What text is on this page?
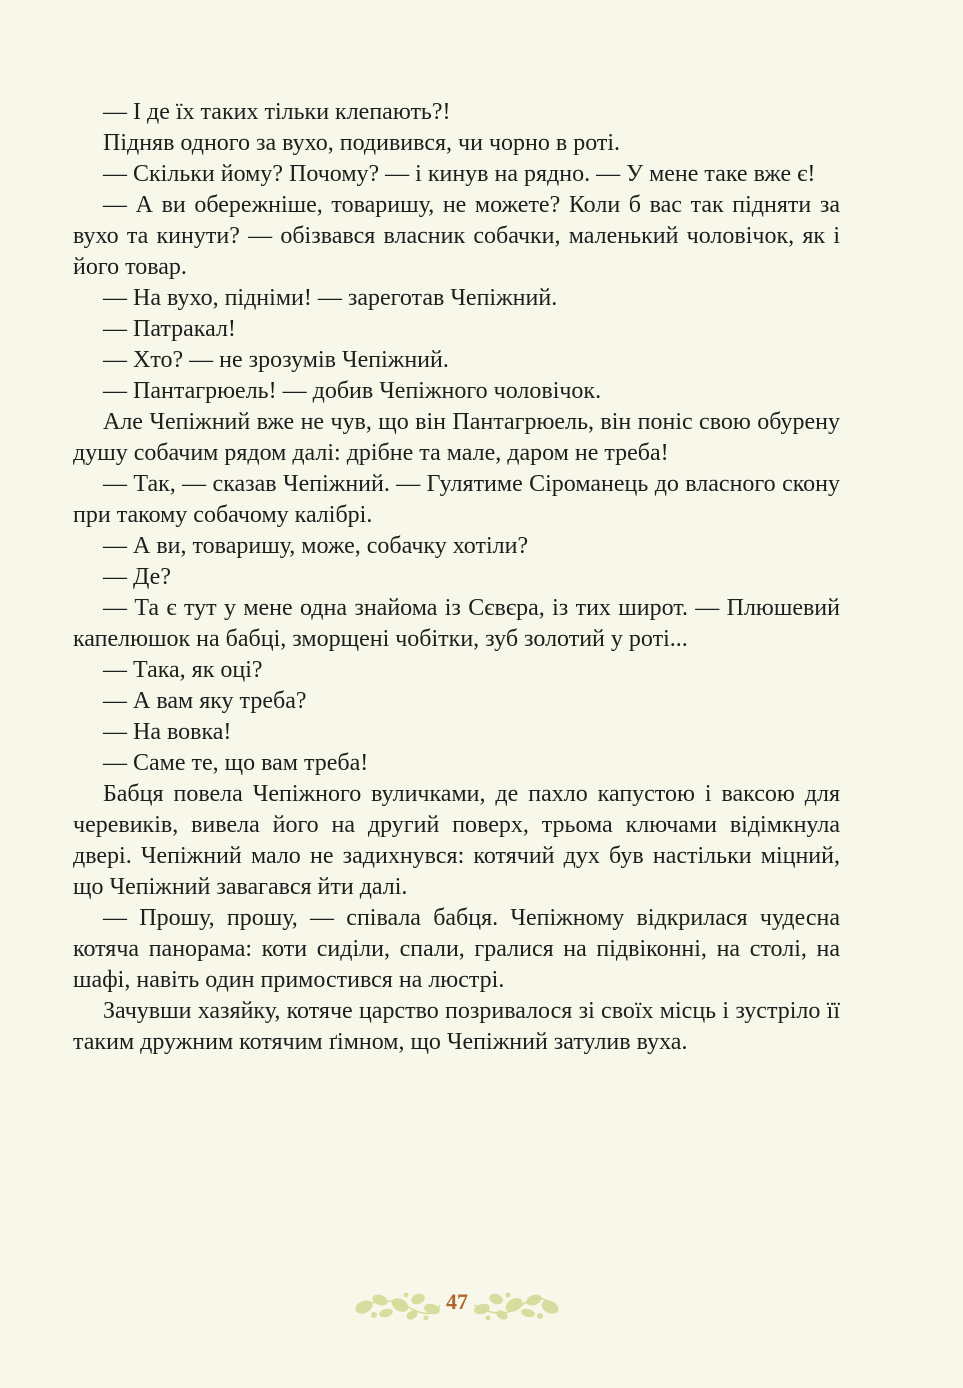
— І де їх таких тільки клепають?!

Підняв одного за вухо, подивився, чи чорно в роті.

— Скільки йому? Почому? — і кинув на рядно. — У мене таке вже є!

— А ви обережніше, товаришу, не можете? Коли б вас так підняти за вухо та кинути? — обізвався власник собачки, маленький чоловічок, як і його товар.

— На вухо, підніми! — зареготав Чепіжний.

— Патракал!

— Хто? — не зрозумів Чепіжний.

— Пантагрюель! — добив Чепіжного чоловічок.

Але Чепіжний вже не чув, що він Пантагрюель, він поніс свою обурену душу собачим рядом далі: дрібне та мале, даром не треба!

— Так, — сказав Чепіжний. — Гулятиме Сіроманець до власного скону при такому собачому калібрі.

— А ви, товаришу, може, собачку хотіли?

— Де?

— Та є тут у мене одна знайома із Сєвєра, із тих широт. — Плюшевий капелюшок на бабці, зморщені чобітки, зуб золотий у роті...

— Така, як оці?

— А вам яку треба?

— На вовка!

— Саме те, що вам треба!

Бабця повела Чепіжного вуличками, де пахло капустою і ваксою для черевиків, вивела його на другий поверх, трьома ключами відімкнула двері. Чепіжний мало не задихнувся: котячий дух був настільки міцний, що Чепіжний завагався йти далі.

— Прошу, прошу, — співала бабця. Чепіжному відкрилася чудесна котяча панорама: коти сиділи, спали, гралися на підвіконні, на столі, на шафі, навіть один примостився на люстрі.

Зачувши хазяйку, котяче царство позривалося зі своїх місць і зустріло її таким дружним котячим ґімном, що Чепіжний затулив вуха.

47
